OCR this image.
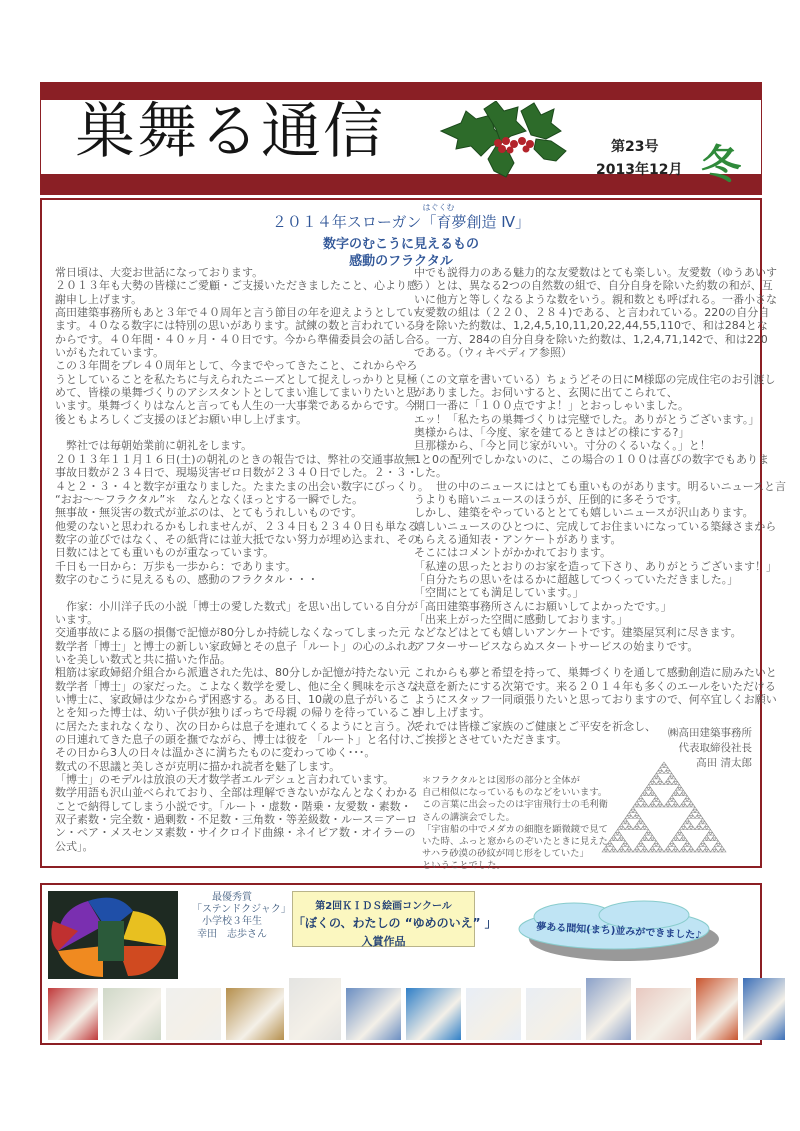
巣舞る通信	第23号
2013年12月 冬
はぐくむ
２０１４年スローガン「育夢創造 Ⅳ」
数字のむこうに見えるもの
感動のフラクタル
常日頃は、大変お世話になっております。
２０１３年も大勢の皆様にご愛顧・ご支援いただきましたこと、心より感
謝申し上げます。
高田建築事務所もあと３年で４０周年と言う節目の年を迎えようとしてい
ます。４０なる数字には特別の思いがあります。試練の数と言われている
からです。４０年間・４０ヶ月・４０日です。今から準備委員会の話し合
いがもたれています。
この３年間をプレ４０周年として、今までやってきたこと、これからやろ
うとしていることを私たちに与えられたニーズとして捉えしっかりと見極
めて、皆様の巣舞づくりのアシスタントとしてまい進してまいりたいと思
います。巣舞づくりはなんと言っても人生の一大事業であるからです。今
後ともよろしくご支援のほどお願い申し上げます。
　弊社では毎朝始業前に朝礼をします。
２０１３年１１月１６日(土)の朝礼のときの報告では、弊社の交通事故無
事故日数が２３４日で、現場災害ゼロ日数が２３４０日でした。２・３・
４と２・３・４と数字が重なりました。たまたまの出会い数字にびっくり。
“おお〜〜フラクタル”＊　なんとなくほっとする一瞬でした。
無事故・無災害の数式が並ぶのは、とてもうれしいものです。
他愛のないと思われるかもしれませんが、２３４日も２３４０日も単なる
数字の並びではなく、その紙背には並大抵でない努力が埋め込まれ、その
日数にはとても重いものが重なっています。
千日も一日から：万歩も一歩から：であります。
数字のむこうに見えるもの、感動のフラクタル・・・
　作家：小川洋子氏の小説「博士の愛した数式」を思い出している自分が
います。
交通事故による脳の損傷で記憶が80分しか持続しなくなってしまった元
数学者「博士」と博士の新しい家政婦とその息子「ルート」の心のふれあ
いを美しい数式と共に描いた作品。
粗筋は家政婦紹介組合から派遣された先は、80分しか記憶が持たない元
数学者「博士」の家だった。こよなく数学を愛し、他に全く興味を示さな
い博士に、家政婦は少なからず困惑する。ある日、10歳の息子がいるこ
とを知った博士は、幼い子供が独りぼっちで母親 の帰りを待っていること
に居たたまれなくなり、次の日からは息子を連れてくるようにと言う。次
の日連れてきた息子の頭を撫でながら、博士は彼を 「ルート」と名付け、
その日から3人の日々は温かさに満ちたものに変わってゆく･･･。
数式の不思議と美しさが克明に描かれ読者を魅了します。
「博士」のモデルは放浪の天才数学者エルデシュと言われています。
数学用語も沢山並べられており、全部は理解できないがなんとなくわかる
ことで納得してしまう小説です。「ルート・虚数・階乗・友愛数・素数・
双子素数・完全数・過剰数・不足数・三角数・等差級数・ルース＝アーロ
ン・ペア・メスセンヌ素数・サイクロイド曲線・ネイピア数・オイラーの
公式｣。
中でも説得力のある魅力的な友愛数はとても楽しい。友愛数（ゆうあいす
う）とは、異なる2つの自然数の組で、自分自身を除いた約数の和が、互
いに他方と等しくなるような数をいう。親和数とも呼ばれる。一番小さな
友愛数の組は（２２０、２８４)である、と言われている。220の自分自
身を除いた約数は、1,2,4,5,10,11,20,22,44,55,110で、和は284とな
る。一方、284の自分自身を除いた約数は、1,2,4,71,142で、和は220
である。（ウィキペディア参照）
（この文章を書いている）ちょうどその日にM様邸の完成住宅のお引渡し
がありました。お伺いすると、玄関に出てこられて、
開口一番に「１００点ですよ！」とおっしゃいました。
エッ！「私たちの巣舞づくりは完璧でした。ありがとうございます。」
奥様からは、「今度、家を建てるときはどの様にする?」
旦那様から、「今と同じ家がいい。寸分のくるいなく。」と！
1と0の配列でしかないのに、この場合の１００は喜びの数字でもありま
した。
　　世の中のニュースにはとても重いものがあります。明るいニュースと言
うよりも暗いニュースのほうが、圧倒的に多そうです。
しかし、建築をやっているととても嬉しいニュースが沢山あります。
嬉しいニュースのひとつに、完成してお住まいになっている築縁さまから
もらえる通知表・アンケートがあります。
そこにはコメントがかかれております。
「私達の思ったとおりのお家を造って下さり、ありがとうございます！」
「自分たちの思いをはるかに超越してつくっていただきました。」
「空間にとても満足しています。」
「高田建築事務所さんにお願いしてよかったです。」
「出来上がった空間に感動しております。」
などなどはとても嬉しいアンケートです。建築屋冥利に尽きます。
アフターサービスならぬスタートサービスの始まりです。
これからも夢と希望を持って、巣舞づくりを通して感動創造に励みたいと
決意を新たにする次第です。来る２０１４年も多くのエールをいただける
ようにスタッフ一同頑張りたいと思っておりますので、何卒宜しくお願い
申し上げます。
それでは皆様ご家族のご健康とご平安を祈念し、
ご挨拶とさせていただきます。
㈱高田建築事務所
代表取締役社長
高田 清太郎
＊フラクタルとは図形の部分と全体が
自己相似になっているものなどをいいます。
この言葉に出会ったのは宇宙飛行士の毛利衛
さんの講演会でした。
「宇宙船の中でメダカの細胞を顕微鏡で見て
いた時、ふっと窓からのぞいたときに見えた
サハラ砂漠の砂紋が同じ形をしていた」
ということでした。
最優秀賞
「ステンドクジャク」
小学校３年生
幸田　志歩さん
第2回ＫＩＤＳ絵画コンクール
「ぼくの、わたしの “ゆめのいえ” 」
入賞作品
夢ある間知(まち)並みができました♪
